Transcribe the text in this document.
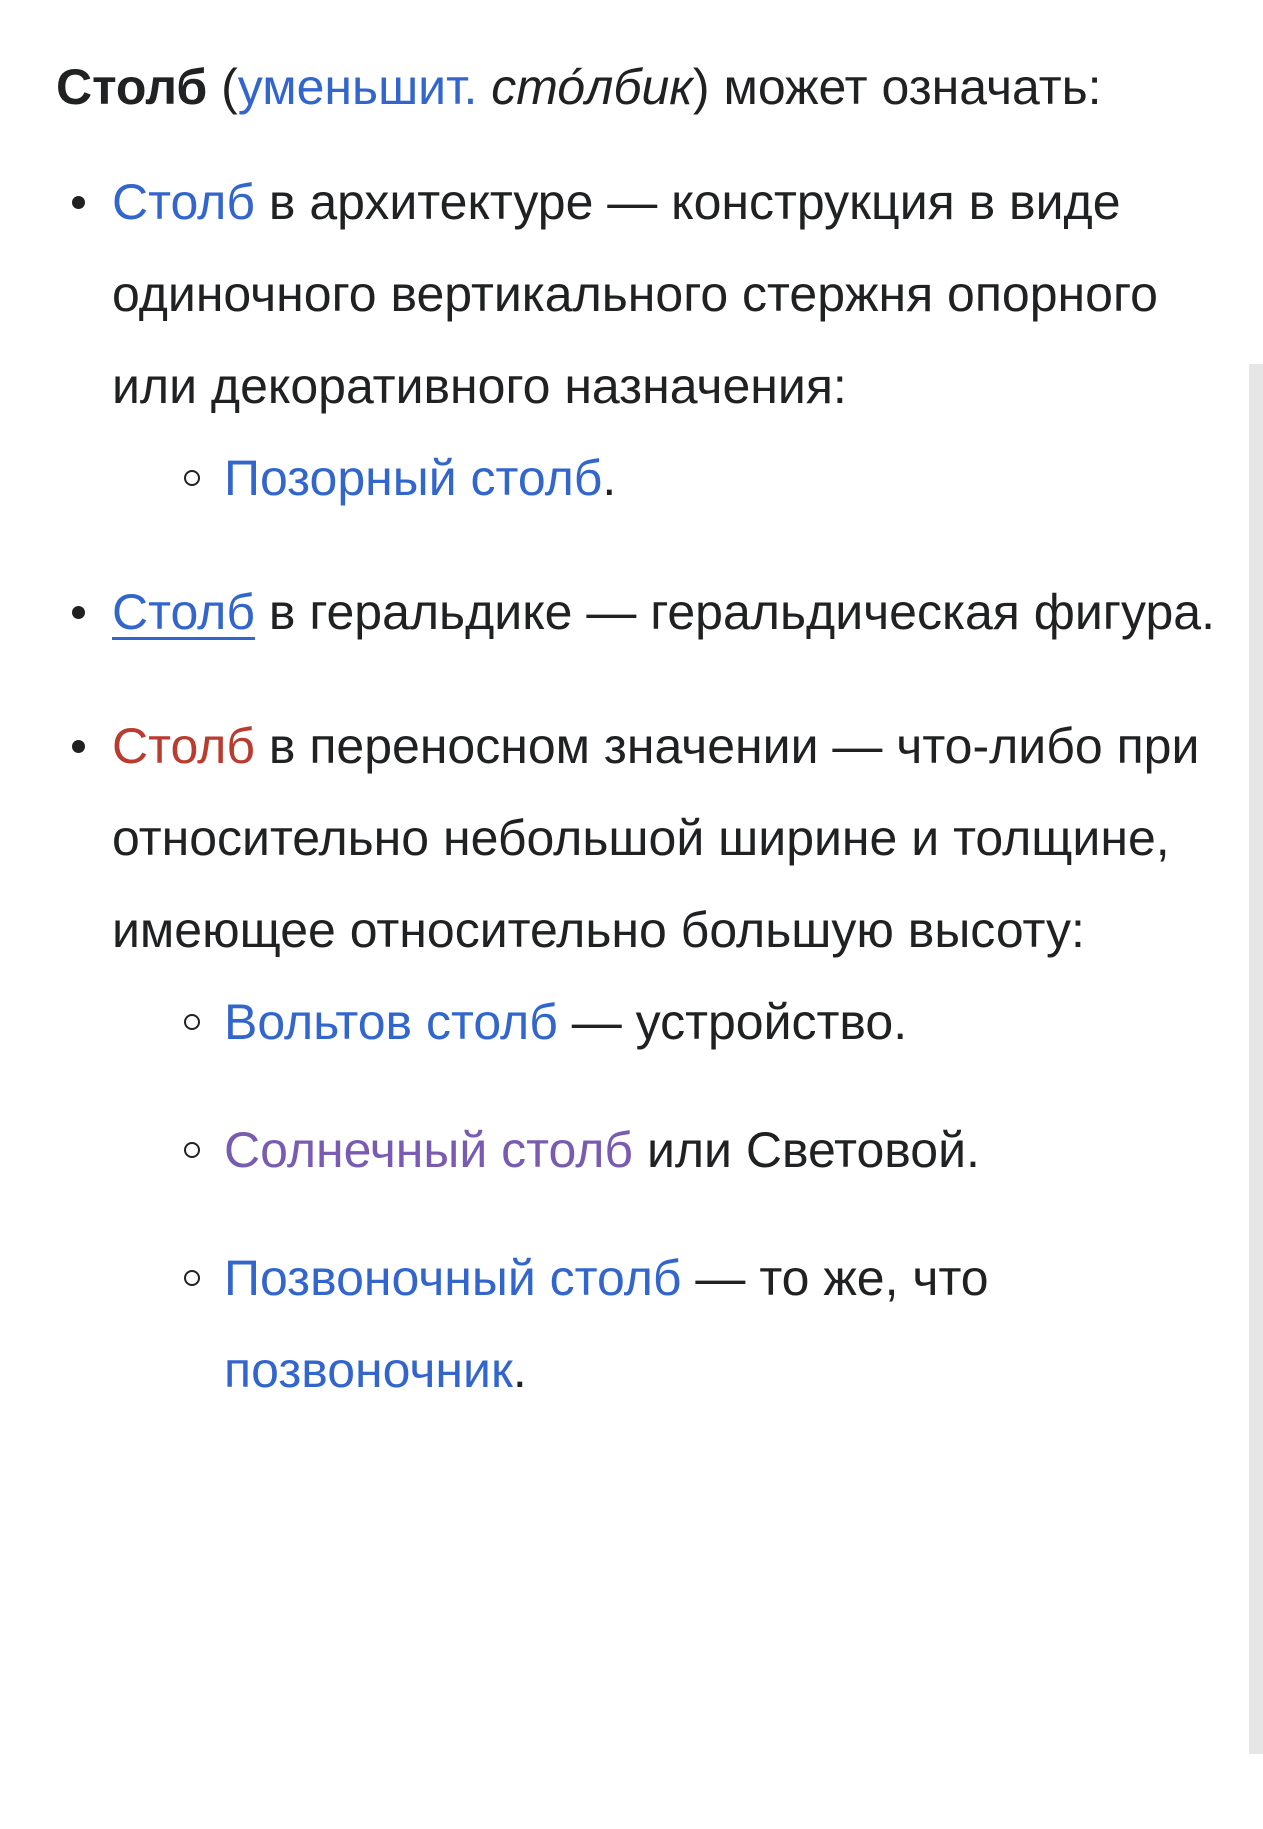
Столб (уменьшит. сто́лбик) может означать:

Столб в архитектуре — конструкция в виде одиночного вертикального стержня опорного или декоративного назначения:
Позорный столб.
Столб в геральдике — геральдическая фигура.
Столб в переносном значении — что-либо при относительно небольшой ширине и толщине, имеющее относительно большую высоту:
Вольтов столб — устройство.
Солнечный столб или Световой.
Позвоночный столб — то же, что позвоночник.
